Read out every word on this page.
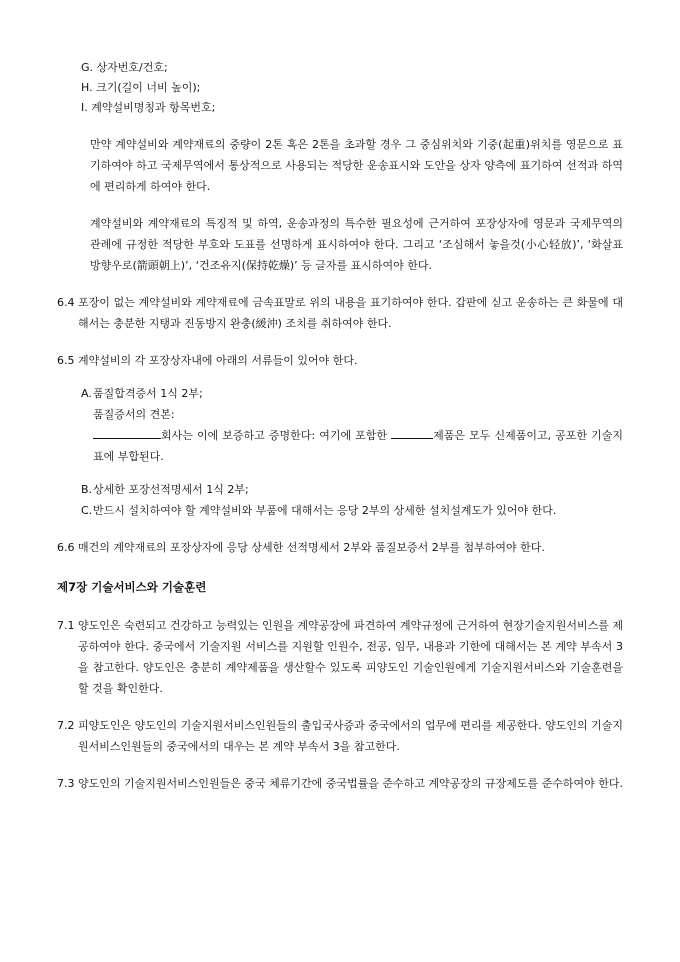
G. 상자번호/건호;

H. 크기(길이 너비 높이);

I. 계약설비명칭과 항목번호;

만약 계약설비와 계약재료의 중량이 2톤 혹은 2톤을 초과할 경우 그 중심위치와 기중(起重)위치를 영문으로 표기하여야 하고 국제무역에서 통상적으로 사용되는 적당한 운송표시와 도안을 상자 양측에 표기하여 선적과 하역에 편리하게 하여야 한다.

계약설비와 계약재료의 특징적 및 하역, 운송과정의 특수한 필요성에 근거하여 포장상자에 영문과 국제무역의 관례에 규정한 적당한 부호와 도표를 선명하게 표시하여야 한다. 그리고 ‘조심해서 놓을것(小心轻放)’, ‘화살표방향우로(箭頭朝上)’, ‘건조유지(保持乾燥)’ 등 글자를 표시하여야 한다.

6.4 포장이 없는 계약설비와 계약재료에 금속표말로 위의 내용을 표기하여야 한다. 갑판에 싣고 운송하는 큰 화물에 대해서는 충분한 지탱과 진동방지 완충(緩沖) 조치를 취하여야 한다.
6.5 계약설비의 각 포장상자내에 아래의 서류들이 있어야 한다.
A. 품질합격증서 1식 2부;
품질증서의 견본:
회사는 이에 보증하고 증명한다: 여기에 포함한	제품은 모두 신제품이고, 공포한 기술지표에 부합된다.
B. 상세한 포장선적명세서 1식 2부;
C. 반드시 설치하여야 할 계약설비와 부품에 대해서는 응당 2부의 상세한 설치설계도가 있어야 한다.
6.6 매건의 계약재료의 포장상자에 응당 상세한 선적명세서 2부와 품질보증서 2부를 첨부하여야 한다.
제7장 기술서비스와 기술훈련
7.1 양도인은 숙련되고 건강하고 능력있는 인원을 계약공장에 파견하여 계약규정에 근거하여 현장기술지원서비스를 제공하여야 한다. 중국에서 기술지원 서비스를 지원할 인원수, 전공, 임무, 내용과 기한에 대해서는 본 계약 부속서 3을 참고한다. 양도인은 충분히 계약제품을 생산할수 있도록 피양도인 기술인원에게 기술지원서비스와 기술훈련을 할 것을 확인한다.
7.2 피양도인은 양도인의 기술지원서비스인원들의 출입국사증과 중국에서의 업무에 편리를 제공한다. 양도인의 기술지원서비스인원들의 중국에서의 대우는 본 계약 부속서 3을 참고한다.
7.3 양도인의 기술지원서비스인원들은 중국 체류기간에 중국법률을 준수하고 계약공장의 규장제도를 준수하여야 한다.
